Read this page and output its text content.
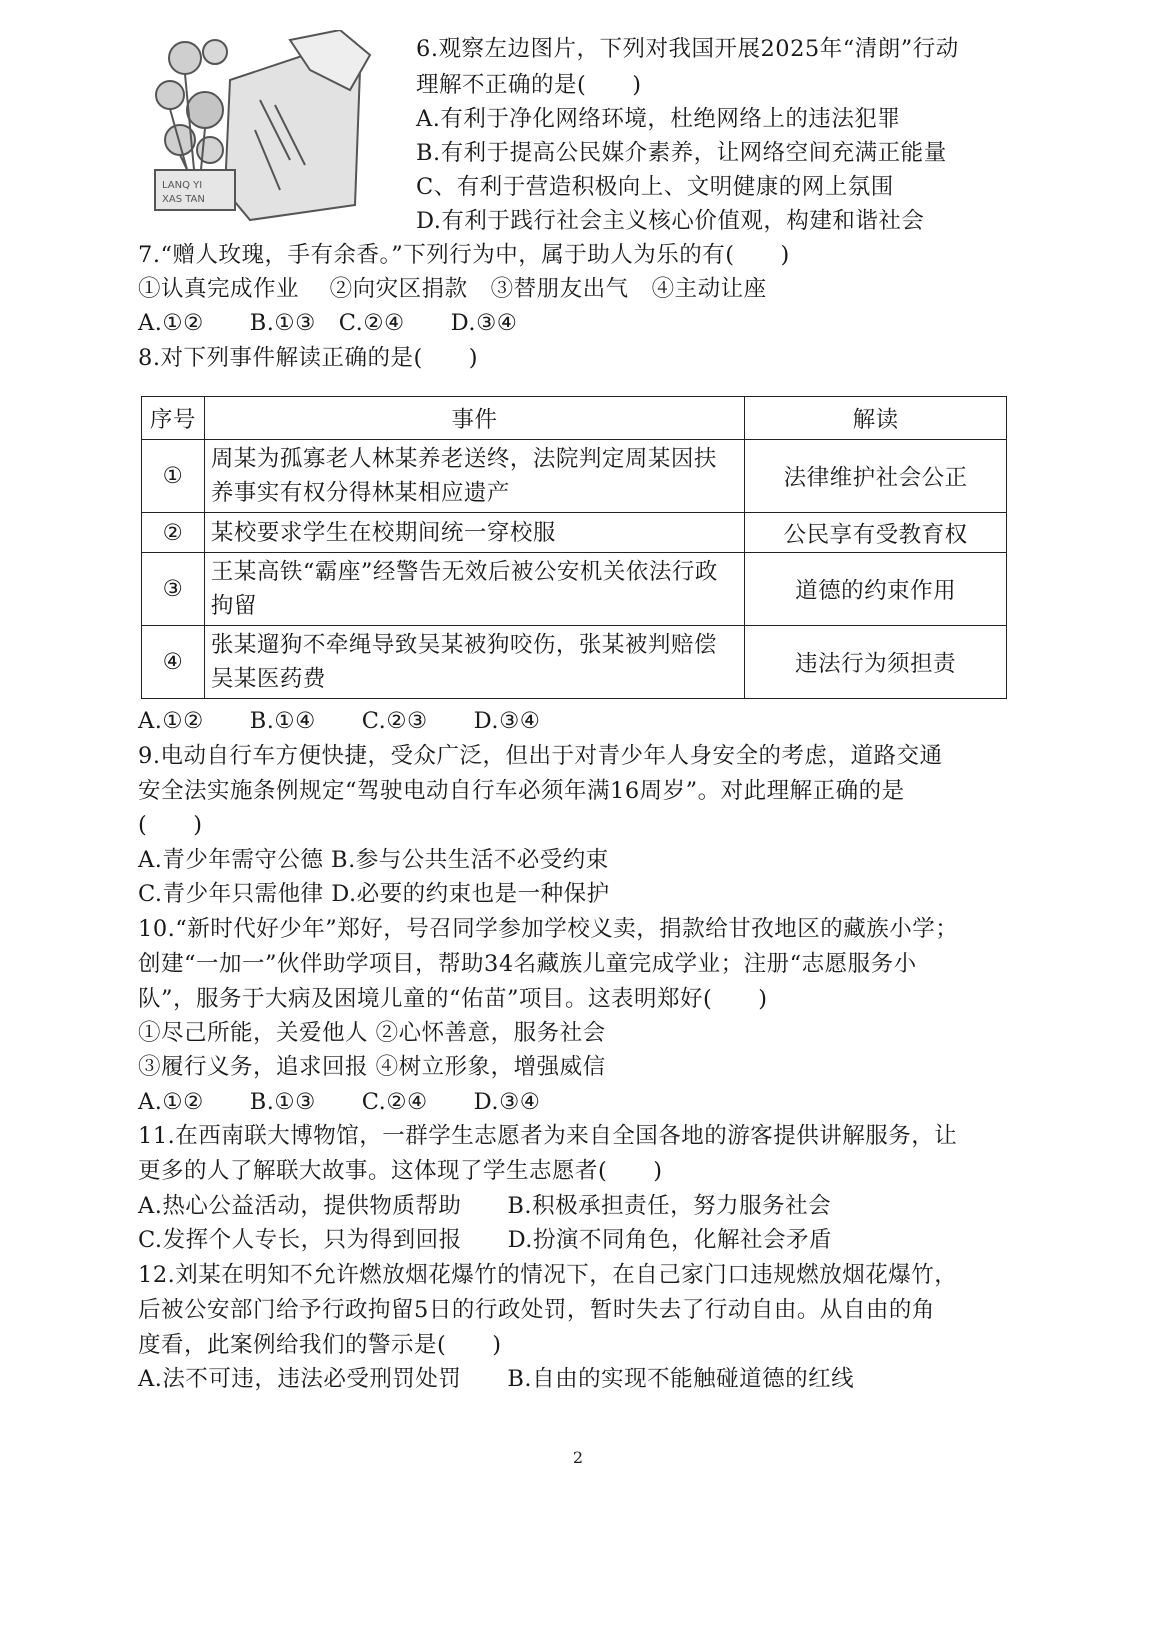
LANQ YI
XAS TAN
6.观察左边图片，下列对我国开展2025年“清朗”行动
理解不正确的是(　　)
A.有利于净化网络环境，杜绝网络上的违法犯罪
B.有利于提高公民媒介素养，让网络空间充满正能量
C、有利于营造积极向上、文明健康的网上氛围
D.有利于践行社会主义核心价值观，构建和谐社会
7.“赠人玫瑰，手有余香。”下列行为中，属于助人为乐的有(　　)
①认真完成作业　 ②向灾区捐款　③替朋友出气　④主动让座
A.①②　　B.①③　C.②④　　D.③④
8.对下列事件解读正确的是(　　)
序号	事件	解读
①	周某为孤寡老人林某养老送终，法院判定周某因扶养事实有权分得林某相应遗产	法律维护社会公正
②	某校要求学生在校期间统一穿校服	公民享有受教育权
③	王某高铁“霸座”经警告无效后被公安机关依法行政拘留	道德的约束作用
④	张某遛狗不牵绳导致吴某被狗咬伤，张某被判赔偿吴某医药费	违法行为须担责
A.①②　　B.①④　　C.②③　　D.③④
9.电动自行车方便快捷，受众广泛，但出于对青少年人身安全的考虑，道路交通
安全法实施条例规定“驾驶电动自行车必须年满16周岁”。对此理解正确的是
(　　)
A.青少年需守公德 B.参与公共生活不必受约束
C.青少年只需他律 D.必要的约束也是一种保护
10.“新时代好少年”郑好，号召同学参加学校义卖，捐款给甘孜地区的藏族小学；
创建“一加一”伙伴助学项目，帮助34名藏族儿童完成学业；注册“志愿服务小
队”，服务于大病及困境儿童的“佑苗”项目。这表明郑好(　　)
①尽己所能，关爱他人 ②心怀善意，服务社会
③履行义务，追求回报 ④树立形象，增强威信
A.①②　　B.①③　　C.②④　　D.③④
11.在西南联大博物馆，一群学生志愿者为来自全国各地的游客提供讲解服务，让
更多的人了解联大故事。这体现了学生志愿者(　　)
A.热心公益活动，提供物质帮助　　B.积极承担责任，努力服务社会
C.发挥个人专长，只为得到回报　　D.扮演不同角色，化解社会矛盾
12.刘某在明知不允许燃放烟花爆竹的情况下，在自己家门口违规燃放烟花爆竹，
后被公安部门给予行政拘留5日的行政处罚，暂时失去了行动自由。从自由的角
度看，此案例给我们的警示是(　　)
A.法不可违，违法必受刑罚处罚　　B.自由的实现不能触碰道德的红线
2
